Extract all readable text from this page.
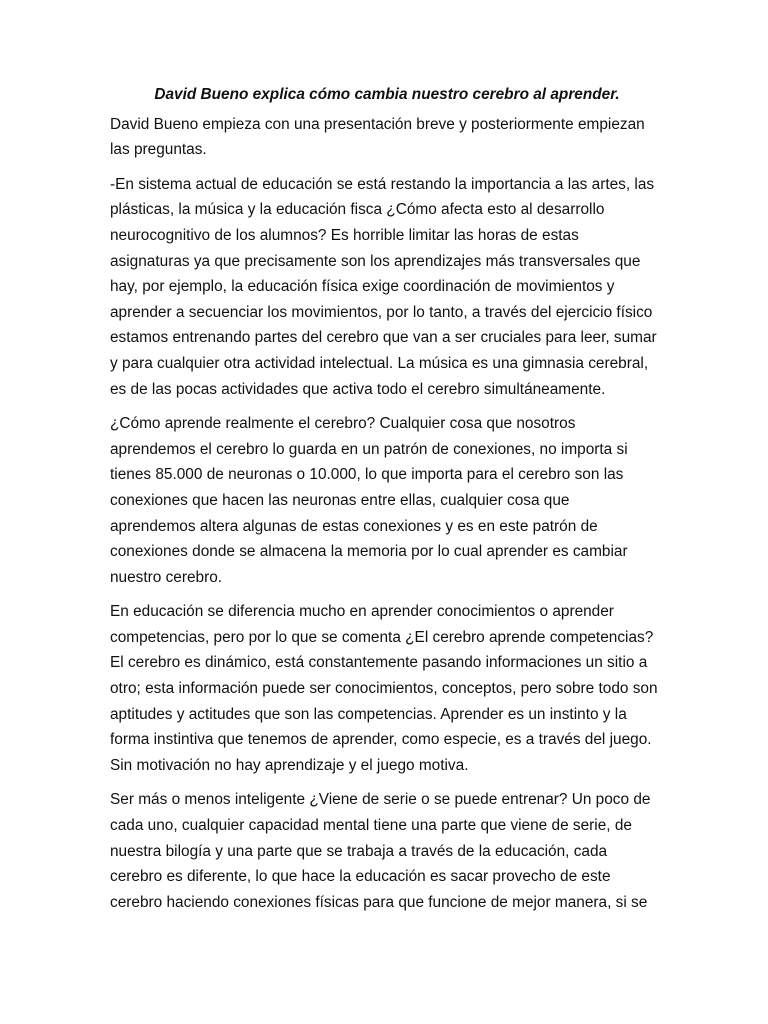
David Bueno explica cómo cambia nuestro cerebro al aprender.

David Bueno empieza con una presentación breve y posteriormente empiezan las preguntas.

-En sistema actual de educación se está restando la importancia a las artes, las plásticas, la música y la educación fisca ¿Cómo afecta esto al desarrollo neurocognitivo de los alumnos? Es horrible limitar las horas de estas asignaturas ya que precisamente son los aprendizajes más transversales que hay, por ejemplo, la educación física exige coordinación de movimientos y aprender a secuenciar los movimientos, por lo tanto, a través del ejercicio físico estamos entrenando partes del cerebro que van a ser cruciales para leer, sumar y para cualquier otra actividad intelectual. La música es una gimnasia cerebral, es de las pocas actividades que activa todo el cerebro simultáneamente.

¿Cómo aprende realmente el cerebro? Cualquier cosa que nosotros aprendemos el cerebro lo guarda en un patrón de conexiones, no importa si tienes 85.000 de neuronas o 10.000, lo que importa para el cerebro son las conexiones que hacen las neuronas entre ellas, cualquier cosa que aprendemos altera algunas de estas conexiones y es en este patrón de conexiones donde se almacena la memoria por lo cual aprender es cambiar nuestro cerebro.

En educación se diferencia mucho en aprender conocimientos o aprender competencias, pero por lo que se comenta ¿El cerebro aprende competencias? El cerebro es dinámico, está constantemente pasando informaciones un sitio a otro; esta información puede ser conocimientos, conceptos, pero sobre todo son aptitudes y actitudes que son las competencias. Aprender es un instinto y la forma instintiva que tenemos de aprender, como especie, es a través del juego. Sin motivación no hay aprendizaje y el juego motiva.

Ser más o menos inteligente ¿Viene de serie o se puede entrenar? Un poco de cada uno, cualquier capacidad mental tiene una parte que viene de serie, de nuestra bilogía y una parte que se trabaja a través de la educación, cada cerebro es diferente, lo que hace la educación es sacar provecho de este cerebro haciendo conexiones físicas para que funcione de mejor manera, si se
